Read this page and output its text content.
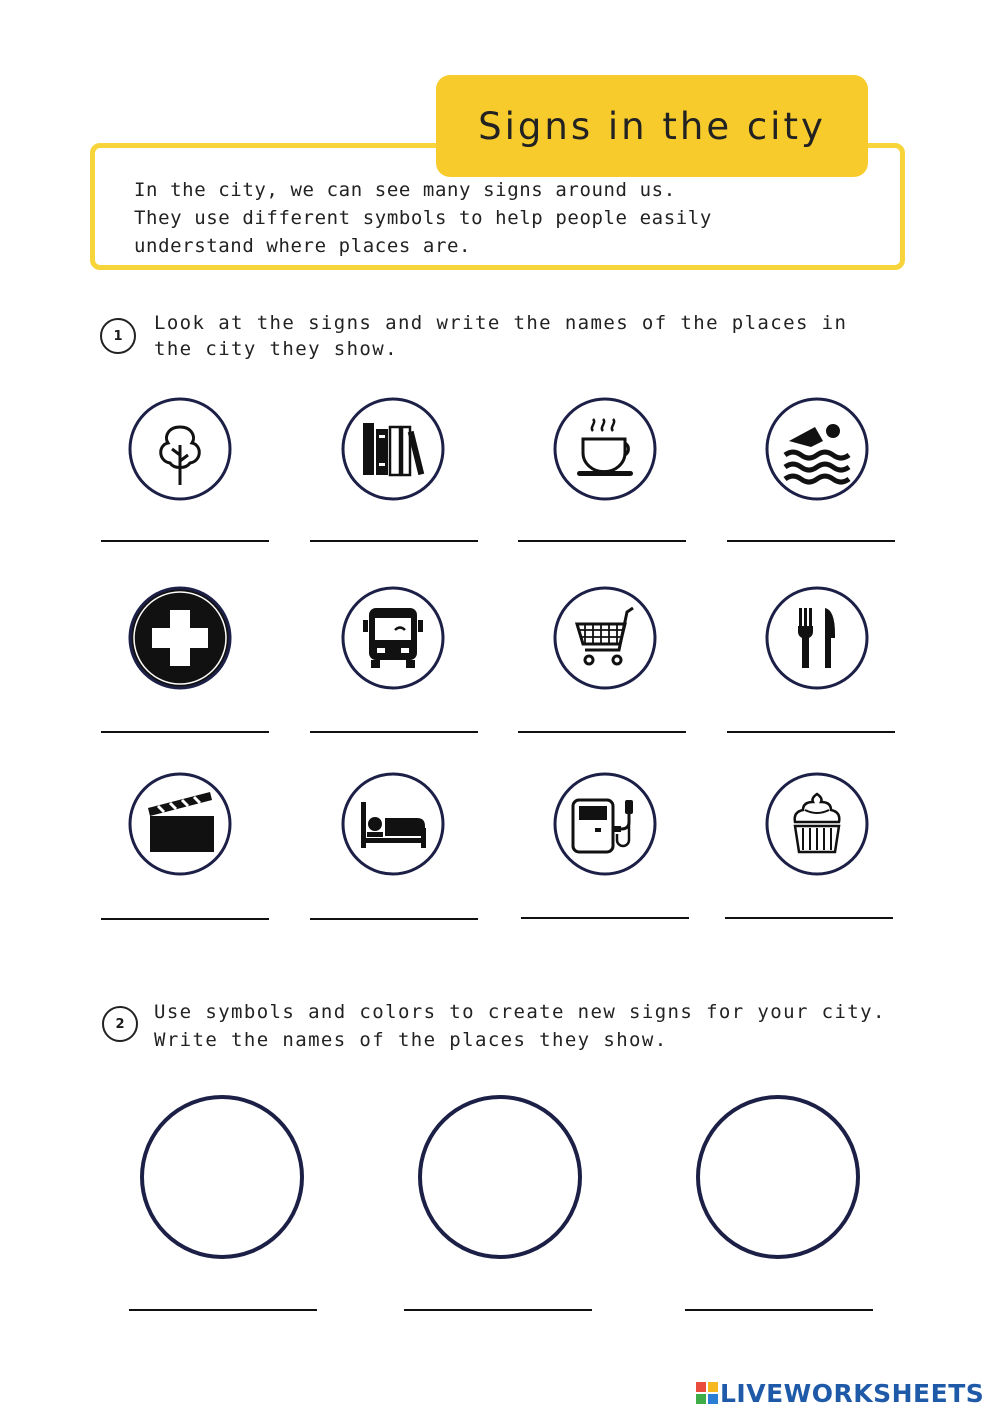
Signs in the city
In the city, we can see many signs around us.
They use different symbols to help people easily
understand where places are.
1
Look at the signs and write the names of the places in
the city they show.
2
Use symbols and colors to create new signs for your city.
Write the names of the places they show.
LIVEWORKSHEETS
